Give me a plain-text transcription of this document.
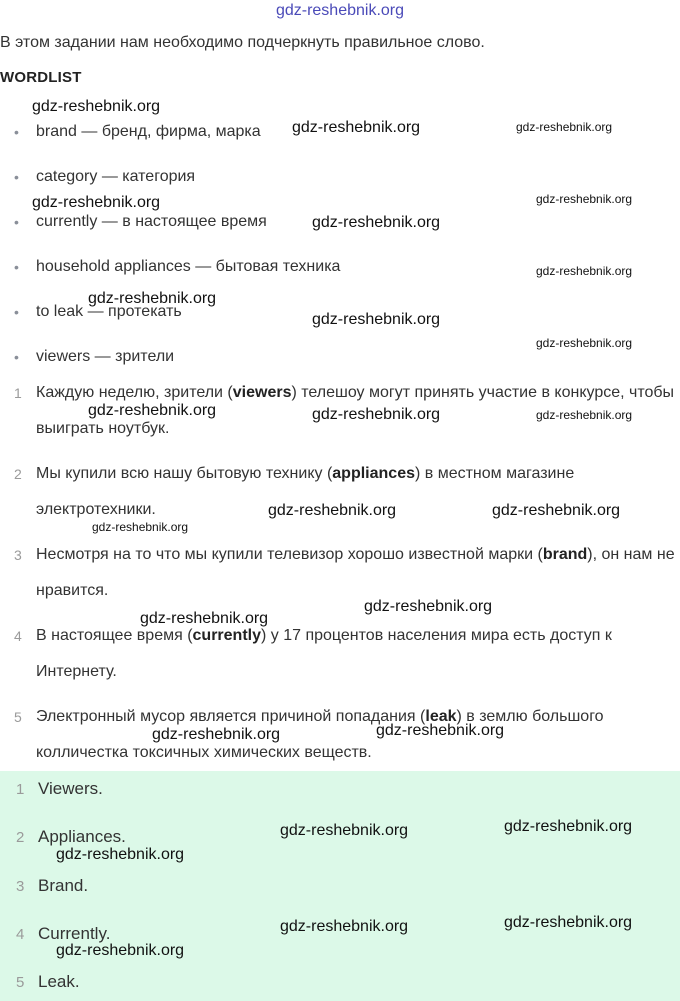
gdz-reshebnik.org
В этом задании нам необходимо подчеркнуть правильное слово.
WORDLIST
• brand — бренд, фирма, марка
• category — категория
• currently — в настоящее время
• household appliances — бытовая техника
• to leak — протекать
• viewers — зрители
1 Каждую неделю, зрители (viewers) телешоу могут принять участие в конкурсе, чтобы выиграть ноутбук.
2 Мы купили всю нашу бытовую технику (appliances) в местном магазине электротехники.
3 Несмотря на то что мы купили телевизор хорошо известной марки (brand), он нам не нравится.
4 В настоящее время (currently) у 17 процентов населения мира есть доступ к Интернету.
5 Электронный мусор является причиной попадания (leak) в землю большого колличестка токсичных химических веществ.
1 Viewers.
2 Appliances.
3 Brand.
4 Currently.
5 Leak.
gdz-reshebnik.org
gdz-reshebnik.org	gdz-reshebnik.org
gdz-reshebnik.org
gdz-reshebnik.org
gdz-reshebnik.org
gdz-reshebnik.org
gdz-reshebnik.org
gdz-reshebnik.org
gdz-reshebnik.org
gdz-reshebnik.org	gdz-reshebnik.org	gdz-reshebnik.org
gdz-reshebnik.org	gdz-reshebnik.org
gdz-reshebnik.org
gdz-reshebnik.org
gdz-reshebnik.org
gdz-reshebnik.org
gdz-reshebnik.org
gdz-reshebnik.org
gdz-reshebnik.org
gdz-reshebnik.org
gdz-reshebnik.org
gdz-reshebnik.org
gdz-reshebnik.org
